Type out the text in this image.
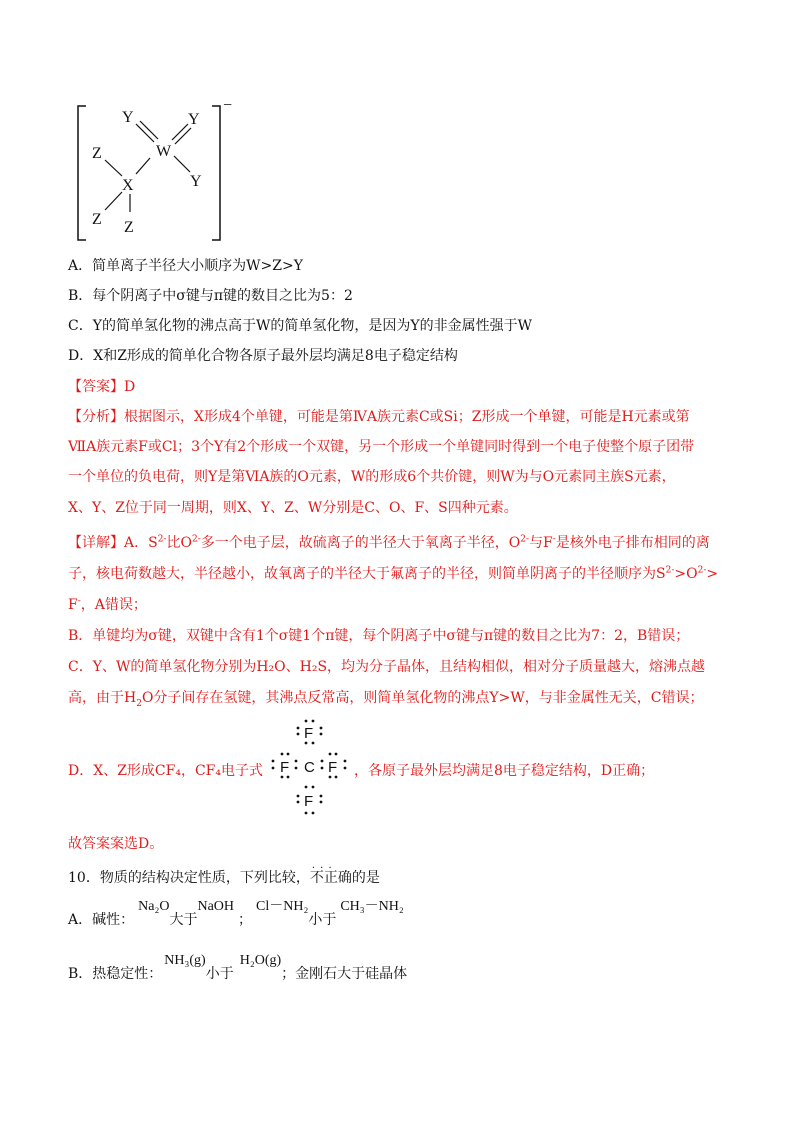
−
Y	Y
W
Y
Z
X
Z Z
A．简单离子半径大小顺序为W>Z>Y
B．每个阴离子中σ键与π键的数目之比为5：2
C．Y的简单氢化物的沸点高于W的简单氢化物，是因为Y的非金属性强于W
D．X和Z形成的简单化合物各原子最外层均满足8电子稳定结构
【答案】D
【分析】根据图示，X形成4个单键，可能是第ⅣA族元素C或Si；Z形成一个单键，可能是H元素或第
ⅦA族元素F或Cl；3个Y有2个形成一个双键，另一个形成一个单键同时得到一个电子使整个原子团带
一个单位的负电荷，则Y是第ⅥA族的O元素，W的形成6个共价键，则W为与O元素同主族S元素，
X、Y、Z位于同一周期，则X、Y、Z、W分别是C、O、F、S四种元素。
【详解】A．$S^{2-}$比$O^{2-}$多一个电子层，故硫离子的半径大于氧离子半径，$O^{2-}$与F-是核外电子排布相同的离
子，核电荷数越大，半径越小，故氧离子的半径大于氟离子的半径，则简单阴离子的半径顺序为$S^{2-}>O^{2-}>$
F-，A错误；
B．单键均为σ键，双键中含有1个σ键1个π键，每个阴离子中σ键与π键的数目之比为7：2，B错误；
C．Y、W的简单氢化物分别为H₂O、H₂S，均为分子晶体，且结构相似，相对分子质量越大，熔沸点越
高，由于$H_2O$分子间存在氢键，其沸点反常高，则简单氢化物的沸点Y>W，与非金属性无关，C错误；
D．X、Z形成CF₄，CF₄电子式	，各原子最外层均满足8电子稳定结构，D正确；
F
F C F
F
故答案案选D。
10．物质的结构决定性质，下列比较，· · · 不正确的是
A．碱性：Na₂O大于NaOH；Cl－NH₂小于CH₃－NH₂
B．热稳定性：NH₃(g)小于H₂O(g)；金刚石大于硅晶体
